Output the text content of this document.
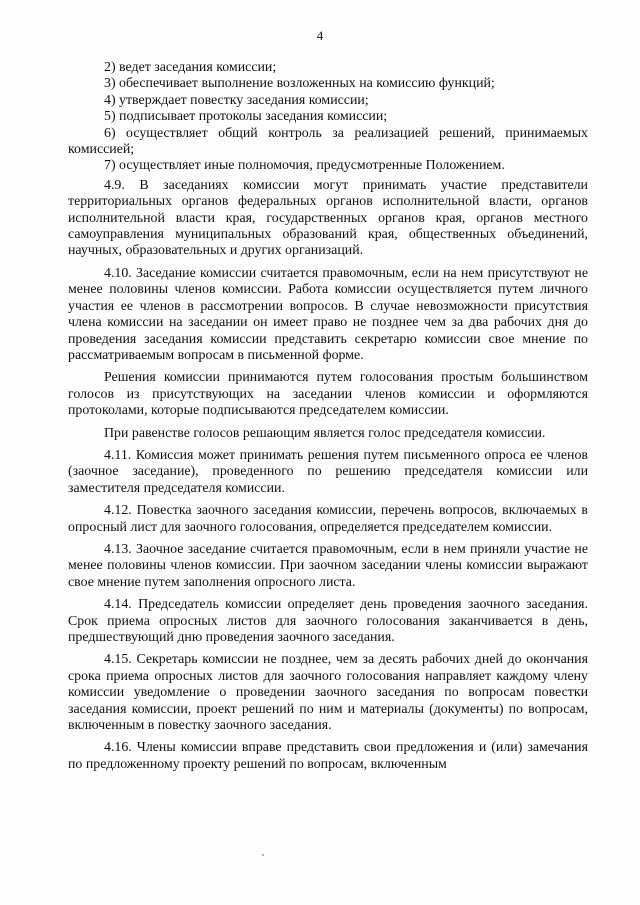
4

2) ведет заседания комиссии;

3) обеспечивает выполнение возложенных на комиссию функций;

4) утверждает повестку заседания комиссии;

5) подписывает протоколы заседания комиссии;

6) осуществляет общий контроль за реализацией решений, принимаемых комиссией;

7) осуществляет иные полномочия, предусмотренные Положением.

4.9. В заседаниях комиссии могут принимать участие представители территориальных органов федеральных органов исполнительной власти, органов исполнительной власти края, государственных органов края, органов местного самоуправления муниципальных образований края, общественных объединений, научных, образовательных и других организаций.

4.10. Заседание комиссии считается правомочным, если на нем присутствуют не менее половины членов комиссии. Работа комиссии осуществляется путем личного участия ее членов в рассмотрении вопросов. В случае невозможности присутствия члена комиссии на заседании он имеет право не позднее чем за два рабочих дня до проведения заседания комиссии представить секретарю комиссии свое мнение по рассматриваемым вопросам в письменной форме.

Решения комиссии принимаются путем голосования простым большинством голосов из присутствующих на заседании членов комиссии и оформляются протоколами, которые подписываются председателем комиссии.

При равенстве голосов решающим является голос председателя комиссии.

4.11. Комиссия может принимать решения путем письменного опроса ее членов (заочное заседание), проведенного по решению председателя комиссии или заместителя председателя комиссии.

4.12. Повестка заочного заседания комиссии, перечень вопросов, включаемых в опросный лист для заочного голосования, определяется председателем комиссии.

4.13. Заочное заседание считается правомочным, если в нем приняли участие не менее половины членов комиссии. При заочном заседании члены комиссии выражают свое мнение путем заполнения опросного листа.

4.14. Председатель комиссии определяет день проведения заочного заседания. Срок приема опросных листов для заочного голосования заканчивается в день, предшествующий дню проведения заочного заседания.

4.15. Секретарь комиссии не позднее, чем за десять рабочих дней до окончания срока приема опросных листов для заочного голосования направляет каждому члену комиссии уведомление о проведении заочного заседания по вопросам повестки заседания комиссии, проект решений по ним и материалы (документы) по вопросам, включенным в повестку заочного заседания.

4.16. Члены комиссии вправе представить свои предложения и (или) замечания по предложенному проекту решений по вопросам, включенным
